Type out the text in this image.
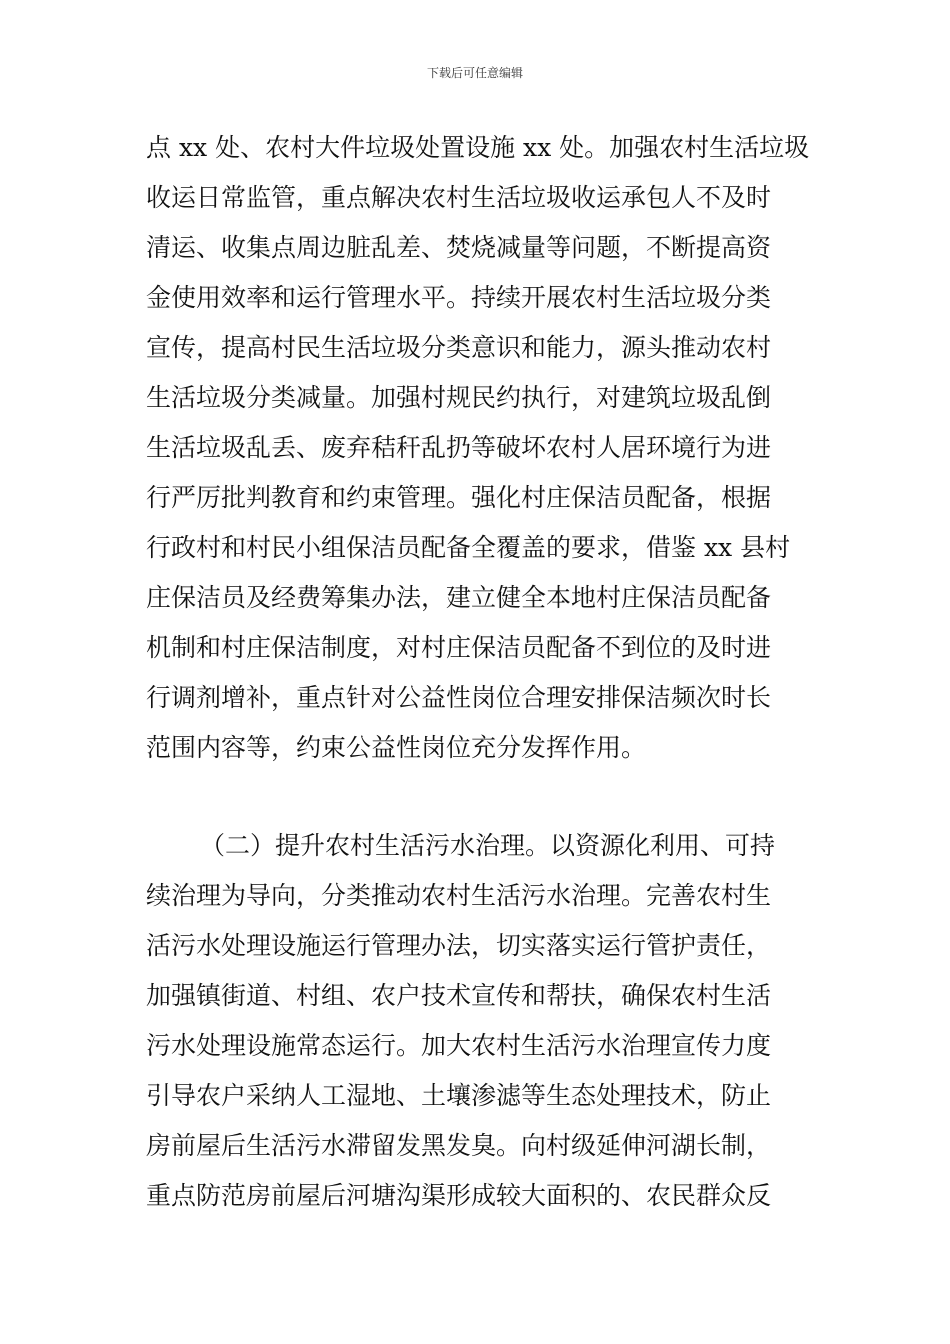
下载后可任意编辑
点 xx 处、农村大件垃圾处置设施 xx 处。加强农村生活垃圾
收运日常监管，重点解决农村生活垃圾收运承包人不及时
清运、收集点周边脏乱差、焚烧减量等问题，不断提高资
金使用效率和运行管理水平。持续开展农村生活垃圾分类
宣传，提高村民生活垃圾分类意识和能力，源头推动农村
生活垃圾分类减量。加强村规民约执行，对建筑垃圾乱倒
生活垃圾乱丢、废弃秸秆乱扔等破坏农村人居环境行为进
行严厉批判教育和约束管理。强化村庄保洁员配备，根据
行政村和村民小组保洁员配备全覆盖的要求，借鉴 xx 县村
庄保洁员及经费筹集办法，建立健全本地村庄保洁员配备
机制和村庄保洁制度，对村庄保洁员配备不到位的及时进
行调剂增补，重点针对公益性岗位合理安排保洁频次时长
范围内容等，约束公益性岗位充分发挥作用。
（二）提升农村生活污水治理。以资源化利用、可持
续治理为导向，分类推动农村生活污水治理。完善农村生
活污水处理设施运行管理办法，切实落实运行管护责任，
加强镇街道、村组、农户技术宣传和帮扶，确保农村生活
污水处理设施常态运行。加大农村生活污水治理宣传力度
引导农户采纳人工湿地、土壤渗滤等生态处理技术，防止
房前屋后生活污水滞留发黑发臭。向村级延伸河湖长制，
重点防范房前屋后河塘沟渠形成较大面积的、农民群众反
